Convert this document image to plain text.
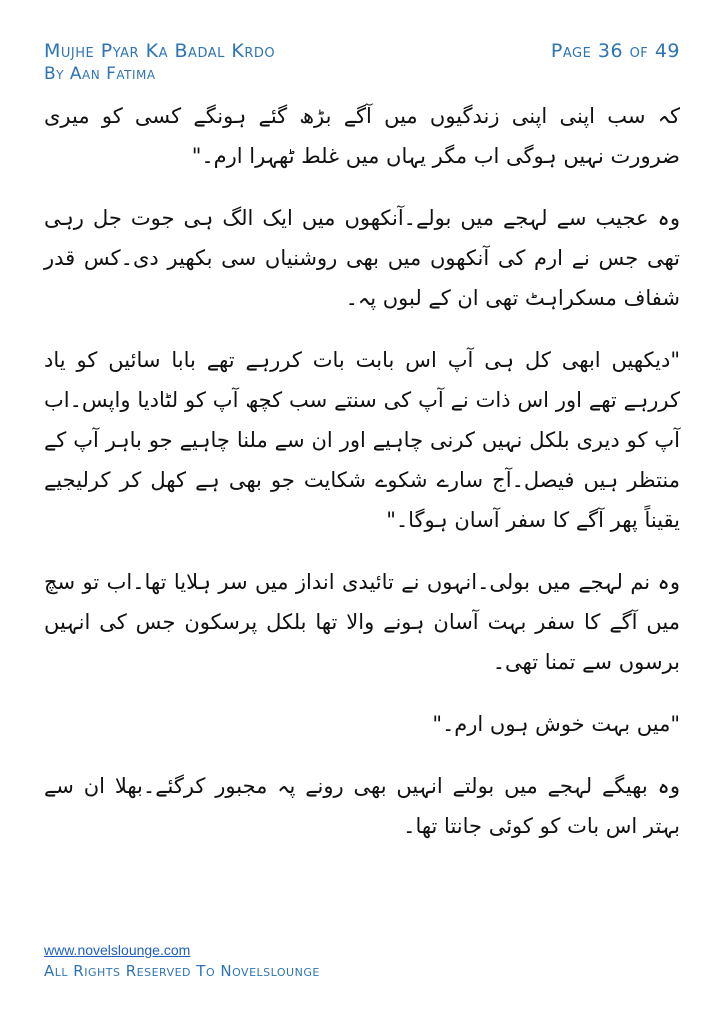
Mujhe Pyar Ka Badal Krdo
By Aan Fatima
Page 36 of 49

کہ سب اپنی اپنی زندگیوں میں آگے بڑھ گئے ہونگے کسی کو میری ضرورت نہیں ہوگی اب مگر یہاں میں غلط ٹھہرا ارم۔"

وہ عجیب سے لہجے میں بولے۔آنکھوں میں ایک الگ ہی جوت جل رہی تھی جس نے ارم کی آنکھوں میں بھی روشنیاں سی بکھیر دی۔کس قدر شفاف مسکراہٹ تھی ان کے لبوں پہ۔

"دیکھیں ابھی کل ہی آپ اس بابت بات کررہے تھے بابا سائیں کو یاد کررہے تھے اور اس ذات نے آپ کی سنتے سب کچھ آپ کو لٹادیا واپس۔اب آپ کو دیری بلکل نہیں کرنی چاہیے اور ان سے ملنا چاہیے جو باہر آپ کے منتظر ہیں فیصل۔آج سارے شکوے شکایت جو بھی ہے کھل کر کرلیجیے یقیناً پھر آگے کا سفر آسان ہوگا۔"

وہ نم لہجے میں بولی۔انہوں نے تائیدی انداز میں سر ہلایا تھا۔اب تو سچ میں آگے کا سفر بہت آسان ہونے والا تھا بلکل پرسکون جس کی انہیں برسوں سے تمنا تھی۔

"میں بہت خوش ہوں ارم۔"

وہ بھیگے لہجے میں بولتے انہیں بھی رونے پہ مجبور کرگئے۔بھلا ان سے بہتر اس بات کو کوئی جانتا تھا۔

www.novelslounge.com
All Rights Reserved To Novelslounge
